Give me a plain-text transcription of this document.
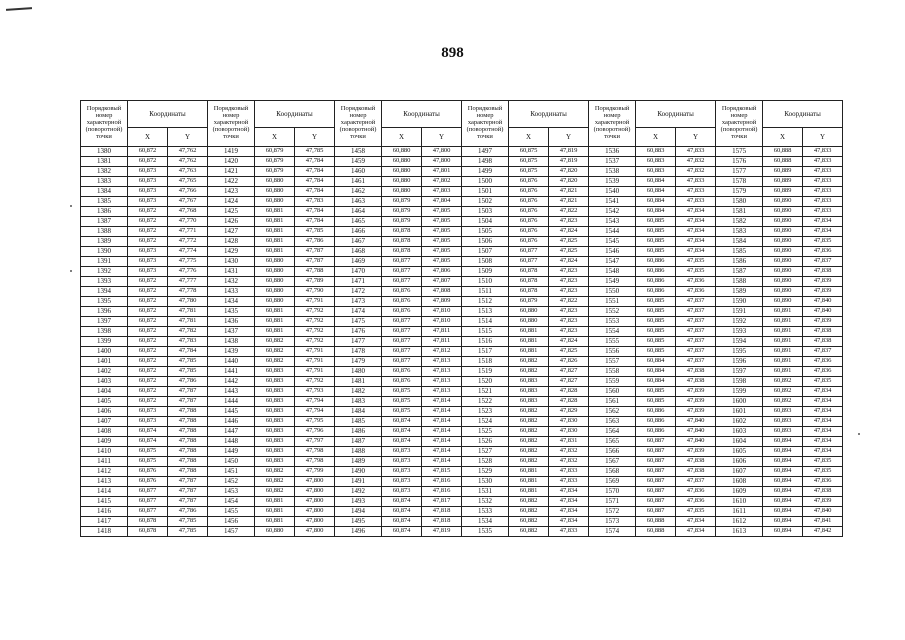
898
Порядковый номер характерной (поворотной) точки	Координаты		Порядковый номер характерной (поворотной) точки	Координаты		Порядковый номер характерной (поворотной) точки	Координаты		Порядковый номер характерной (поворотной) точки	Координаты		Порядковый номер характерной (поворотной) точки	Координаты		Порядковый номер характерной (поворотной) точки	Координаты	
	X	Y		X	Y		X	Y		X	Y		X	Y		X	Y
1380	60,872	47,762	1419	60,879	47,785	1458	60,880	47,800	1497	60,875	47,819	1536	60,883	47,833	1575	60,888	47,833
1381	60,872	47,762	1420	60,879	47,784	1459	60,880	47,800	1498	60,875	47,819	1537	60,883	47,832	1576	60,888	47,833
1382	60,873	47,763	1421	60,879	47,784	1460	60,880	47,801	1499	60,875	47,820	1538	60,883	47,832	1577	60,889	47,833
1383	60,873	47,765	1422	60,880	47,784	1461	60,880	47,802	1500	60,876	47,820	1539	60,884	47,833	1578	60,889	47,833
1384	60,873	47,766	1423	60,880	47,784	1462	60,880	47,803	1501	60,876	47,821	1540	60,884	47,833	1579	60,889	47,833
1385	60,873	47,767	1424	60,880	47,783	1463	60,879	47,804	1502	60,876	47,821	1541	60,884	47,833	1580	60,890	47,833
1386	60,872	47,768	1425	60,881	47,784	1464	60,879	47,805	1503	60,876	47,822	1542	60,884	47,834	1581	60,890	47,833
1387	60,872	47,770	1426	60,881	47,784	1465	60,879	47,805	1504	60,876	47,823	1543	60,885	47,834	1582	60,890	47,834
1388	60,872	47,771	1427	60,881	47,785	1466	60,878	47,805	1505	60,876	47,824	1544	60,885	47,834	1583	60,890	47,834
1389	60,872	47,772	1428	60,881	47,786	1467	60,878	47,805	1506	60,876	47,825	1545	60,885	47,834	1584	60,890	47,835
1390	60,873	47,774	1429	60,881	47,787	1468	60,878	47,805	1507	60,877	47,825	1546	60,885	47,834	1585	60,890	47,836
1391	60,873	47,775	1430	60,880	47,787	1469	60,877	47,805	1508	60,877	47,824	1547	60,886	47,835	1586	60,890	47,837
1392	60,873	47,776	1431	60,880	47,788	1470	60,877	47,806	1509	60,878	47,823	1548	60,886	47,835	1587	60,890	47,838
1393	60,872	47,777	1432	60,880	47,789	1471	60,877	47,807	1510	60,878	47,823	1549	60,886	47,836	1588	60,890	47,839
1394	60,872	47,778	1433	60,880	47,790	1472	60,876	47,808	1511	60,878	47,823	1550	60,886	47,836	1589	60,890	47,839
1395	60,872	47,780	1434	60,880	47,791	1473	60,876	47,809	1512	60,879	47,822	1551	60,885	47,837	1590	60,890	47,840
1396	60,872	47,781	1435	60,881	47,792	1474	60,876	47,810	1513	60,880	47,823	1552	60,885	47,837	1591	60,891	47,840
1397	60,872	47,781	1436	60,881	47,792	1475	60,877	47,810	1514	60,880	47,823	1553	60,885	47,837	1592	60,891	47,839
1398	60,872	47,782	1437	60,881	47,792	1476	60,877	47,811	1515	60,881	47,823	1554	60,885	47,837	1593	60,891	47,838
1399	60,872	47,783	1438	60,882	47,792	1477	60,877	47,811	1516	60,881	47,824	1555	60,885	47,837	1594	60,891	47,838
1400	60,872	47,784	1439	60,882	47,791	1478	60,877	47,812	1517	60,881	47,825	1556	60,885	47,837	1595	60,891	47,837
1401	60,872	47,785	1440	60,882	47,791	1479	60,877	47,813	1518	60,882	47,826	1557	60,884	47,837	1596	60,891	47,836
1402	60,872	47,785	1441	60,883	47,791	1480	60,876	47,813	1519	60,882	47,827	1558	60,884	47,838	1597	60,891	47,836
1403	60,872	47,786	1442	60,883	47,792	1481	60,876	47,813	1520	60,883	47,827	1559	60,884	47,838	1598	60,892	47,835
1404	60,872	47,787	1443	60,883	47,793	1482	60,875	47,813	1521	60,883	47,828	1560	60,885	47,839	1599	60,892	47,834
1405	60,872	47,787	1444	60,883	47,794	1483	60,875	47,814	1522	60,883	47,828	1561	60,885	47,839	1600	60,892	47,834
1406	60,873	47,788	1445	60,883	47,794	1484	60,875	47,814	1523	60,882	47,829	1562	60,886	47,839	1601	60,893	47,834
1407	60,873	47,788	1446	60,883	47,795	1485	60,874	47,814	1524	60,882	47,830	1563	60,886	47,840	1602	60,893	47,834
1408	60,874	47,788	1447	60,883	47,796	1486	60,874	47,814	1525	60,882	47,830	1564	60,886	47,840	1603	60,893	47,834
1409	60,874	47,788	1448	60,883	47,797	1487	60,874	47,814	1526	60,882	47,831	1565	60,887	47,840	1604	60,894	47,834
1410	60,875	47,788	1449	60,883	47,798	1488	60,873	47,814	1527	60,882	47,832	1566	60,887	47,839	1605	60,894	47,834
1411	60,875	47,788	1450	60,883	47,798	1489	60,873	47,814	1528	60,882	47,832	1567	60,887	47,838	1606	60,894	47,835
1412	60,876	47,788	1451	60,882	47,799	1490	60,873	47,815	1529	60,881	47,833	1568	60,887	47,838	1607	60,894	47,835
1413	60,876	47,787	1452	60,882	47,800	1491	60,873	47,816	1530	60,881	47,833	1569	60,887	47,837	1608	60,894	47,836
1414	60,877	47,787	1453	60,882	47,800	1492	60,873	47,816	1531	60,881	47,834	1570	60,887	47,836	1609	60,894	47,838
1415	60,877	47,787	1454	60,881	47,800	1493	60,874	47,817	1532	60,882	47,834	1571	60,887	47,836	1610	60,894	47,839
1416	60,877	47,786	1455	60,881	47,800	1494	60,874	47,818	1533	60,882	47,834	1572	60,887	47,835	1611	60,894	47,840
1417	60,878	47,785	1456	60,881	47,800	1495	60,874	47,818	1534	60,882	47,834	1573	60,888	47,834	1612	60,894	47,841
1418	60,878	47,785	1457	60,880	47,800	1496	60,874	47,819	1535	60,882	47,833	1574	60,888	47,834	1613	60,894	47,842
